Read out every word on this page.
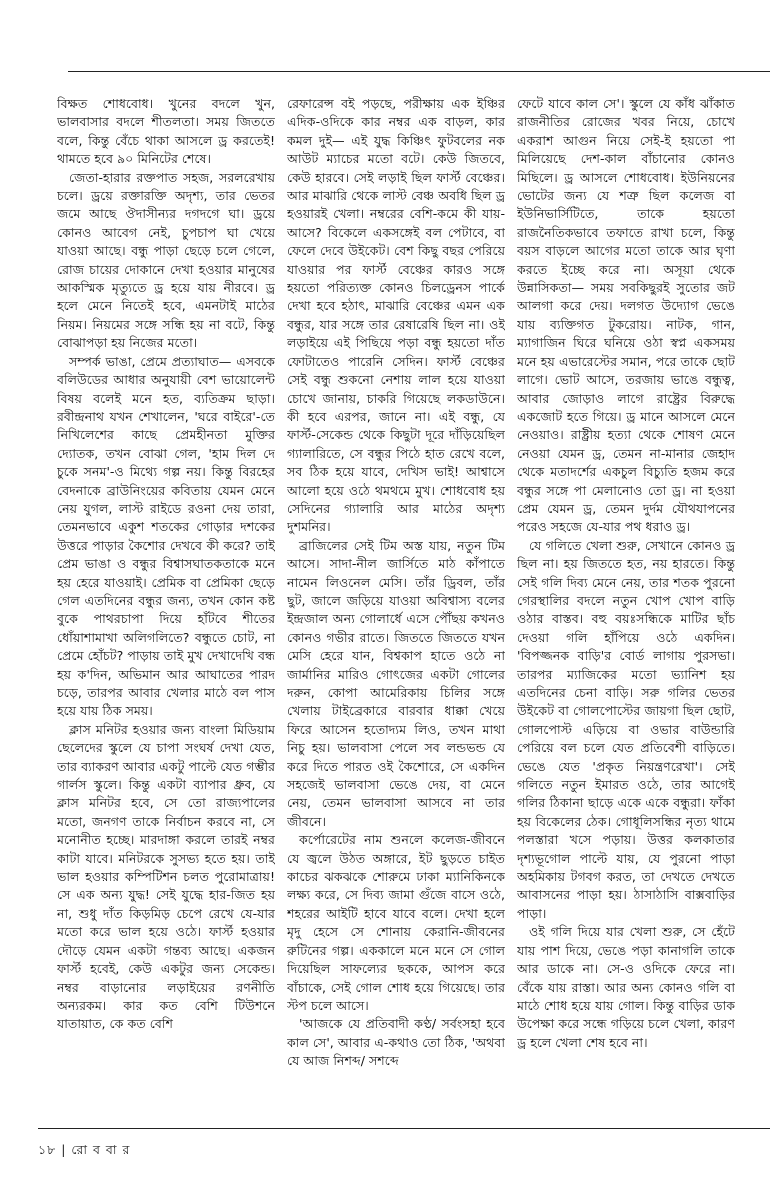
বিক্ষত শোধবোধ। খুনের বদলে খুন, ভালবাসার বদলে শীতলতা। সময় জিততে বলে, কিন্তু বেঁচে থাকা আসলে ড্র করতেই! থামতে হবে ৯০ মিনিটের শেষে।

জেতা-হারার রক্তপাত সহজ, সরলরেখায় চলে। ড্রয়ে রক্তারক্তি অদৃশ্য, তার ভেতর জমে আছে ঔদাসীন্যর দগদগে ঘা। ড্রয়ে কোনও আবেগ নেই, চুপচাপ ঘা খেয়ে যাওয়া আছে। বন্ধু পাড়া ছেড়ে চলে গেলে, রোজ চায়ের দোকানে দেখা হওয়ার মানুষের আকস্মিক মৃত্যুতে ড্র হয়ে যায় নীরবে। ড্র হলে মেনে নিতেই হবে, এমনটাই মাঠের নিয়ম। নিয়মের সঙ্গে সন্ধি হয় না বটে, কিন্তু বোঝাপড়া হয় নিজের মতো।

সম্পর্ক ভাঙা, প্রেমে প্রত্যাঘাত— এসবকে বলিউডের আধার অনুযায়ী বেশ ভায়োলেন্ট বিষয় বলেই মনে হত, ব্যতিক্রম ছাড়া। রবীন্দ্রনাথ যখন শেখালেন, 'ঘরে বাইরে'-তে নিখিলেশের কাছে প্রেমহীনতা মুক্তির দ্যোতক, তখন বোঝা গেল, 'হাম দিল দে চুকে সনম'-ও মিথ্যে গল্প নয়। কিন্তু বিরহের বেদনাকে ব্রাউনিংয়ের কবিতায় যেমন মেনে নেয় যুগল, লাস্ট রাইডে রওনা দেয় তারা, তেমনভাবে একুশ শতকের গোড়ার দশকের উত্তরে পাড়ার কৈশোর দেখবে কী করে? তাই প্রেম ভাঙা ও বন্ধুর বিশ্বাসঘাতকতাকে মনে হয় হেরে যাওয়াই। প্রেমিক বা প্রেমিকা ছেড়ে গেল এতদিনের বন্ধুর জন্য, তখন কোন কষ্ট বুকে পাথরচাপা দিয়ে হাঁটবে শীতের ধোঁয়াশামাখা অলিগলিতে? বন্ধুতে চোট, না প্রেমে হোঁচট? পাড়ায় তাই মুখ দেখাদেখি বন্ধ হয় ক'দিন, অভিমান আর আঘাতের পারদ চড়ে, তারপর আবার খেলার মাঠে বল পাস হয়ে যায় ঠিক সময়।

ক্লাস মনিটর হওয়ার জন্য বাংলা মিডিয়াম ছেলেদের স্কুলে যে চাপা সংঘর্ষ দেখা যেত, তার ব্যাকরণ আবার একটু পাল্টে যেত গম্ভীর গার্লস স্কুলে। কিন্তু একটা ব্যাপার ধ্রুব, যে ক্লাস মনিটর হবে, সে তো রাজ্যপালের মতো, জনগণ তাকে নির্বাচন করবে না, সে মনোনীত হচ্ছে। মারদাঙ্গা করলে তারই নম্বর কাটা যাবে। মনিটরকে সুসভ্য হতে হয়। তাই ভাল হওয়ার কম্পিটিশন চলত পুরোমাত্রায়! সে এক অন্য যুদ্ধ! সেই যুদ্ধে হার-জিত হয় না, শুধু দাঁত কিড়মিড় চেপে রেখে যে-যার মতো করে ভাল হয়ে ওঠে। ফার্স্ট হওয়ার দৌড়ে যেমন একটা গন্তব্য আছে। একজন ফার্স্ট হবেই, কেউ একটুর জন্য সেকেন্ড। নম্বর বাড়ানোর লড়াইয়ের রণনীতি অন্যরকম। কার কত বেশি টিউশনে যাতায়াত, কে কত বেশি

রেফারেন্স বই পড়ছে, পরীক্ষায় এক ইঞ্চির এদিক-ওদিকে কার নম্বর এক বাড়ল, কার কমল দুই— এই যুদ্ধ কিঞ্চিৎ ফুটবলের নক আউট ম্যাচের মতো বটে। কেউ জিতবে, কেউ হারবে। সেই লড়াই ছিল ফার্স্ট বেঞ্চের। আর মাঝারি থেকে লাস্ট বেঞ্চ অবধি ছিল ড্র হওয়ারই খেলা। নম্বরের বেশি-কমে কী যায়-আসে? বিকেলে একসঙ্গেই বল পেটাবে, বা ফেলে দেবে উইকেট। বেশ কিছু বছর পেরিয়ে যাওয়ার পর ফার্স্ট বেঞ্চের কারও সঙ্গে হয়তো পরিত্যক্ত কোনও চিলড্রেনস পার্কে দেখা হবে হঠাৎ, মাঝারি বেঞ্চের এমন এক বন্ধুর, যার সঙ্গে তার রেষারেষি ছিল না। ওই লড়াইয়ে এই পিছিয়ে পড়া বন্ধু হয়তো দাঁত ফোটাতেও পারেনি সেদিন। ফার্স্ট বেঞ্চের সেই বন্ধু শুকনো নেশায় লাল হয়ে যাওয়া চোখে জানায়, চাকরি গিয়েছে লকডাউনে। কী হবে এরপর, জানে না। এই বন্ধু, যে ফার্স্ট-সেকেন্ড থেকে কিছুটা দূরে দাঁড়িয়েছিল গ্যালারিতে, সে বন্ধুর পিঠে হাত রেখে বলে, সব ঠিক হয়ে যাবে, দেখিস ভাই! আশ্বাসে আলো হয়ে ওঠে থমথমে মুখ। শোধবোধ হয় সেদিনের গ্যালারি আর মাঠের অদৃশ্য দুশমনির।

ব্রাজিলের সেই টিম অস্ত যায়, নতুন টিম আসে। সাদা-নীল জার্সিতে মাঠ কাঁপাতে নামেন লিওনেল মেসি। তাঁর ড্রিবল, তাঁর ছুট, জালে জড়িয়ে যাওয়া অবিশ্বাস্য বলের ইন্দ্রজাল অন্য গোলার্ধে এসে পৌঁছয় কখনও কোনও গভীর রাতে। জিততে জিততে যখন মেসি হেরে যান, বিশ্বকাপ হাতে ওঠে না জার্মানির মারিও গোৎজের একটা গোলের দরুন, কোপা আমেরিকায় চিলির সঙ্গে খেলায় টাইব্রেকারে বারবার ধাক্কা খেয়ে ফিরে আসেন হতোদ্যম লিও, তখন মাথা নিচু হয়। ভালবাসা পেলে সব লন্ডভন্ড যে করে দিতে পারত ওই কৈশোরে, সে একদিন সহজেই ভালবাসা ভেঙে দেয়, বা মেনে নেয়, তেমন ভালবাসা আসবে না তার জীবনে।

কর্পোরেটের নাম শুনলে কলেজ-জীবনে যে জ্বলে উঠত অঙ্গারে, ইট ছুড়তে চাইত কাচের ঝকঝকে শোরুমে ঢাকা ম্যানিকিনকে লক্ষ্য করে, সে দিব্য জামা গুঁজে বাসে ওঠে, শহরের আইটি হাবে যাবে বলে। দেখা হলে মৃদু হেসে সে শোনায় কেরানি-জীবনের রুটিনের গল্প। এককালে মনে মনে সে গোল দিয়েছিল সাফল্যের ছককে, আপস করে বাঁচাকে, সেই গোল শোধ হয়ে গিয়েছে। তার স্টপ চলে আসে।

'আজকে যে প্রতিবাদী কণ্ঠ/ সর্বংসহা হবে কাল সে', আবার এ-কথাও তো ঠিক, 'অথবা যে আজ নিশব্দ/ সশব্দে

ফেটে যাবে কাল সে'। স্কুলে যে কাঁধ ঝাঁকাত রাজনীতির রোজের খবর নিয়ে, চোখে একরাশ আগুন নিয়ে সেই-ই হয়তো পা মিলিয়েছে দেশ-কাল বাঁচানোর কোনও মিছিলে। ড্র আসলে শোধবোধ। ইউনিয়নের ভোটের জন্য যে শত্রু ছিল কলেজ বা ইউনিভার্সিটিতে, তাকে হয়তো রাজনৈতিকভাবে তফাতে রাখা চলে, কিন্তু বয়স বাড়লে আগের মতো তাকে আর ঘৃণা করতে ইচ্ছে করে না। অসূয়া থেকে উন্নাসিকতা— সময় সবকিছুরই সুতোর জট আলগা করে দেয়। দলগত উদ্যোগ ভেঙে যায় ব্যক্তিগত টুকরোয়। নাটক, গান, ম্যাগাজিন ঘিরে ঘনিয়ে ওঠা স্বপ্ন একসময় মনে হয় এভারেস্টের সমান, পরে তাকে ছোট লাগে। ভোট আসে, তরজায় ভাঙে বন্ধুত্ব, আবার জোড়াও লাগে রাষ্ট্রের বিরুদ্ধে একজোট হতে গিয়ে। ড্র মানে আসলে মেনে নেওয়াও। রাষ্ট্রীয় হত্যা থেকে শোষণ মেনে নেওয়া যেমন ড্র, তেমন না-মানার জেহাদ থেকে মতাদর্শের একচুল বিচ্যুতি হজম করে বন্ধুর সঙ্গে পা মেলানোও তো ড্র। না হওয়া প্রেম যেমন ড্র, তেমন দুর্দম যৌথযাপনের পরেও সহজে যে-যার পথ ধরাও ড্র।

যে গলিতে খেলা শুরু, সেখানে কোনও ড্র ছিল না। হয় জিততে হত, নয় হারতে। কিন্তু সেই গলি দিব্য মেনে নেয়, তার শতক পুরনো গেরস্থালির বদলে নতুন খোপ খোপ বাড়ি ওঠার বাস্তব। বহু বয়ঃসন্ধিকে মাটির ছাঁচ দেওয়া গলি হাঁপিয়ে ওঠে একদিন। 'বিপজ্জনক বাড়ি'র বোর্ড লাগায় পুরসভা। তারপর ম্যাজিকের মতো ভ্যানিশ হয় এতদিনের চেনা বাড়ি। সরু গলির ভেতর উইকেট বা গোলপোস্টের জায়গা ছিল ছোট, গোলপোস্ট এড়িয়ে বা ওভার বাউন্ডারি পেরিয়ে বল চলে যেত প্রতিবেশী বাড়িতে। ভেঙে যেত 'প্রকৃত নিয়ন্ত্রণরেখা'। সেই গলিতে নতুন ইমারত ওঠে, তার আগেই গলির ঠিকানা ছাড়ে একে একে বন্ধুরা। ফাঁকা হয় বিকেলের ঠেক। গোধূলিসন্ধির নৃত্য থামে পলস্তারা খসে পড়ায়। উত্তর কলকাতার দৃশ্যভূগোল পাল্টে যায়, যে পুরনো পাড়া অহমিকায় টগবগ করত, তা দেখতে দেখতে আবাসনের পাড়া হয়। ঠাসাঠাসি বাক্সবাড়ির পাড়া।

ওই গলি দিয়ে যার খেলা শুরু, সে হেঁটে যায় পাশ দিয়ে, ভেঙে পড়া কানাগলি তাকে আর ডাকে না। সে-ও ওদিকে ফেরে না। বেঁকে যায় রাস্তা। আর অন্য কোনও গলি বা মাঠে শোধ হয়ে যায় গোল। কিন্তু বাড়ির ডাক উপেক্ষা করে সন্ধে গড়িয়ে চলে খেলা, কারণ ড্র হলে খেলা শেষ হবে না।

১৮ | রো ব বা র
